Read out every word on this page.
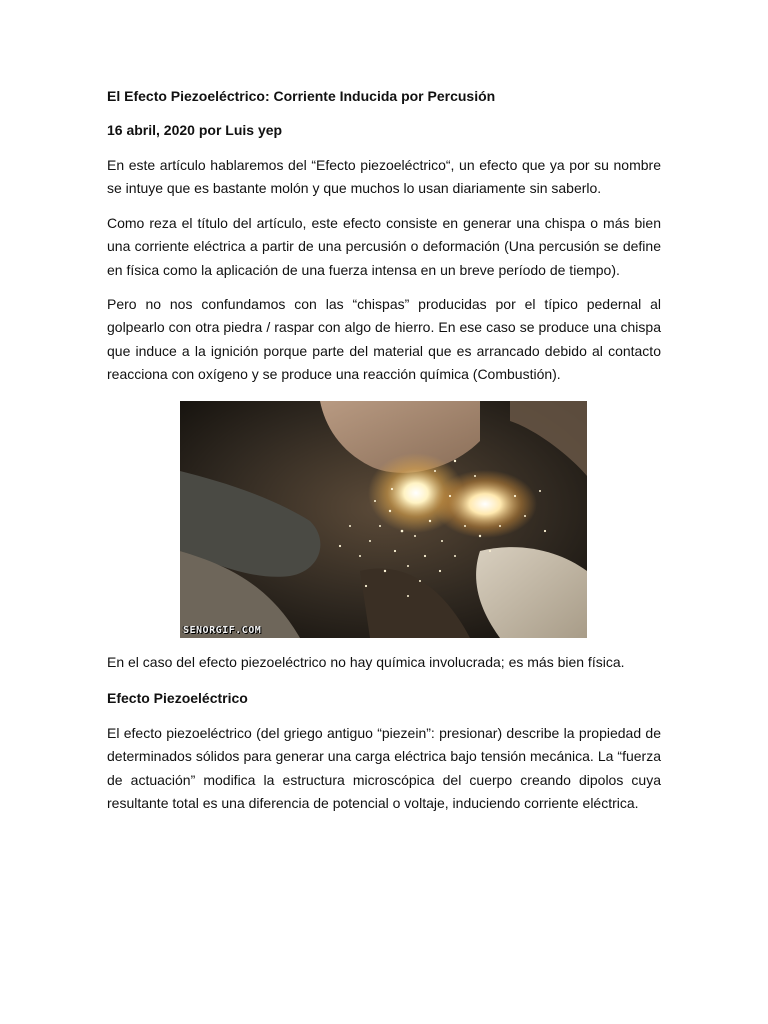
El Efecto Piezoeléctrico: Corriente Inducida por Percusión
16 abril, 2020 por Luis yep

En este artículo hablaremos del “Efecto piezoeléctrico“, un efecto que ya por su nombre se intuye que es bastante molón y que muchos lo usan diariamente sin saberlo.

Como reza el título del artículo, este efecto consiste en generar una chispa o más bien una corriente eléctrica a partir de una percusión o deformación (Una percusión se define en física como la aplicación de una fuerza intensa en un breve período de tiempo).

Pero no nos confundamos con las “chispas” producidas por el típico pedernal al golpearlo con otra piedra / raspar con algo de hierro. En ese caso se produce una chispa que induce a la ignición porque parte del material que es arrancado debido al contacto reacciona con oxígeno y se produce una reacción química (Combustión).

SENORGIF.COM

En el caso del efecto piezoeléctrico no hay química involucrada; es más bien física.

Efecto Piezoeléctrico

El efecto piezoeléctrico (del griego antiguo “piezein”: presionar) describe la propiedad de determinados sólidos para generar una carga eléctrica bajo tensión mecánica. La “fuerza de actuación” modifica la estructura microscópica del cuerpo creando dipolos cuya resultante total es una diferencia de potencial o voltaje, induciendo corriente eléctrica.
